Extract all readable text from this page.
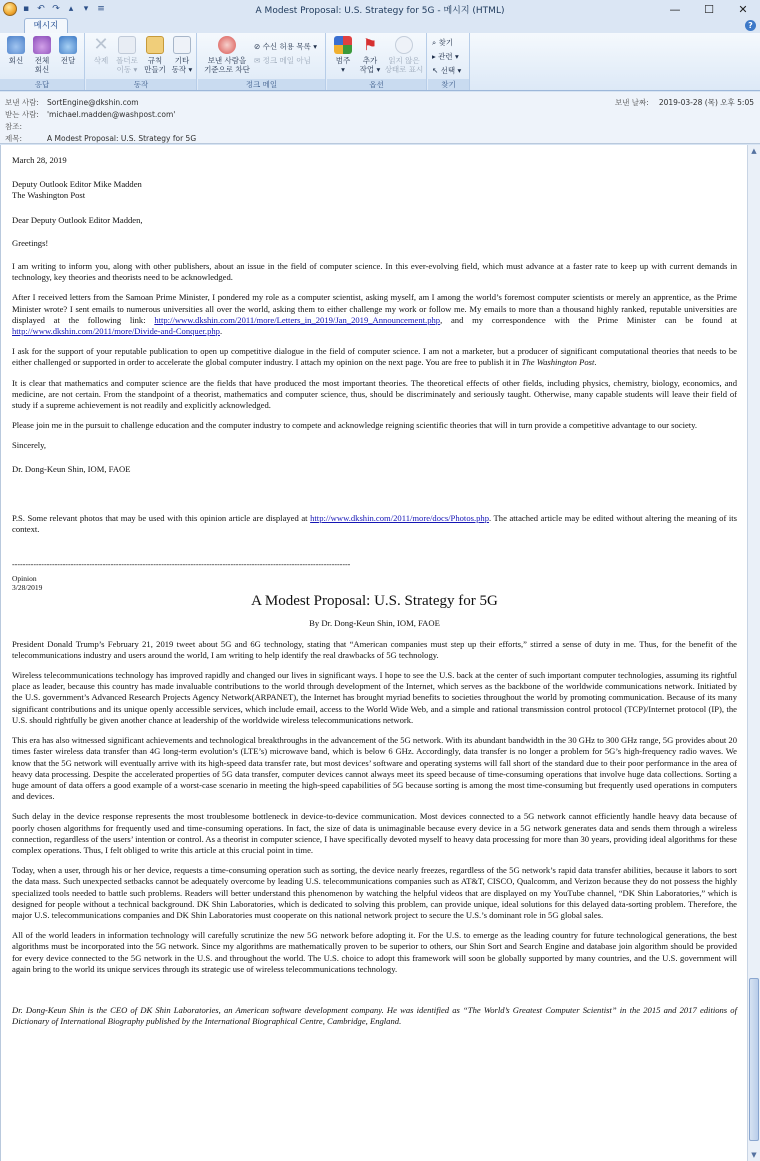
▪ ↶ ↷ ▴	▾ ≡	A Modest Proposal: U.S. Strategy for 5G - 메시지 (HTML)	—	☐	✕
메시지	?
회신	전체
회신
전달
응답
✕
삭제	폴더로
이동 ▾
규칙
만들기
기타
동작 ▾
동작
보낸 사람을
기준으로 차단
⊘ 수신 허용 목록 ▾
✉ 정크 메일 아님
정크 메일
범주
▾
⚑
추가
작업 ▾
읽지 않은
상태로 표시
옵션
⌕ 찾기
▸ 관련 ▾
↖ 선택 ▾
찾기
보낸 사람: SortEngine@dkshin.com
받는 사람: 'michael.madden@washpost.com'
참조:
제목:	A Modest Proposal: U.S. Strategy for 5G
보낸 날짜: 2019-03-28 (목) 오후 5:05

March 28, 2019

Deputy Outlook Editor Mike Madden
The Washington Post

Dear Deputy Outlook Editor Madden,

Greetings!

I am writing to inform you, along with other publishers, about an issue in the field of computer science. In this ever-evolving field, which must advance at a faster rate to keep up with current demands in technology, key theories and theorists need to be acknowledged.

After I received letters from the Samoan Prime Minister, I pondered my role as a computer scientist, asking myself, am I among the world’s foremost computer scientists or merely an apprentice, as the Prime Minister wrote? I sent emails to numerous universities all over the world, asking them to either challenge my work or follow me. My emails to more than a thousand highly ranked, reputable universities are displayed at the following link: http://www.dkshin.com/2011/more/Letters_in_2019/Jan_2019_Announcement.php, and my correspondence with the Prime Minister can be found at http://www.dkshin.com/2011/more/Divide-and-Conquer.php.

I ask for the support of your reputable publication to open up competitive dialogue in the field of computer science. I am not a marketer, but a producer of significant computational theories that needs to be either challenged or supported in order to accelerate the global computer industry. I attach my opinion on the next page. You are free to publish it in The Washington Post.

It is clear that mathematics and computer science are the fields that have produced the most important theories. The theoretical effects of other fields, including physics, chemistry, biology, economics, and medicine, are not certain. From the standpoint of a theorist, mathematics and computer science, thus, should be discriminately and seriously taught. Otherwise, many capable students will leave their field of study if a supreme achievement is not readily and explicitly acknowledged.

Please join me in the pursuit to challenge education and the computer industry to compete and acknowledge reigning scientific theories that will in turn provide a competitive advantage to our society.

Sincerely,

Dr. Dong-Keun Shin, IOM, FAOE

P.S. Some relevant photos that may be used with this opinion article are displayed at http://www.dkshin.com/2011/more/docs/Photos.php. The attached article may be edited without altering the meaning of its context.

-------------------------------------------------------------------------------------------------------------------------------
Opinion
3/28/2019
A Modest Proposal: U.S. Strategy for 5G
By Dr. Dong-Keun Shin, IOM, FAOE

President Donald Trump’s February 21, 2019 tweet about 5G and 6G technology, stating that “American companies must step up their efforts,” stirred a sense of duty in me. Thus, for the benefit of the telecommunications industry and users around the world, I am writing to help identify the real drawbacks of 5G technology.

Wireless telecommunications technology has improved rapidly and changed our lives in significant ways. I hope to see the U.S. back at the center of such important computer technologies, assuming its rightful place as leader, because this country has made invaluable contributions to the world through development of the Internet, which serves as the backbone of the worldwide communications network. Initiated by the U.S. government’s Advanced Research Projects Agency Network(ARPANET), the Internet has brought myriad benefits to societies throughout the world by promoting communication. Because of its many significant contributions and its unique openly accessible services, which include email, access to the World Wide Web, and a simple and rational transmission control protocol (TCP)/Internet protocol (IP), the U.S. should rightfully be given another chance at leadership of the worldwide wireless telecommunications network.

This era has also witnessed significant achievements and technological breakthroughs in the advancement of the 5G network. With its abundant bandwidth in the 30 GHz to 300 GHz range, 5G provides about 20 times faster wireless data transfer than 4G long-term evolution’s (LTE’s) microwave band, which is below 6 GHz. Accordingly, data transfer is no longer a problem for 5G’s high-frequency radio waves. We know that the 5G network will eventually arrive with its high-speed data transfer rate, but most devices’ software and operating systems will fall short of the standard due to their poor performance in the area of heavy data processing. Despite the accelerated properties of 5G data transfer, computer devices cannot always meet its speed because of time-consuming operations that involve huge data collections. Sorting a huge amount of data offers a good example of a worst-case scenario in meeting the high-speed capabilities of 5G because sorting is among the most time-consuming but frequently used operations in computers and devices.

Such delay in the device response represents the most troublesome bottleneck in device-to-device communication. Most devices connected to a 5G network cannot efficiently handle heavy data because of poorly chosen algorithms for frequently used and time-consuming operations. In fact, the size of data is unimaginable because every device in a 5G network generates data and sends them through a wireless connection, regardless of the users’ intention or control. As a theorist in computer science, I have specifically devoted myself to heavy data processing for more than 30 years, providing ideal algorithms for these complex operations. Thus, I felt obliged to write this article at this crucial point in time.

Today, when a user, through his or her device, requests a time-consuming operation such as sorting, the device nearly freezes, regardless of the 5G network’s rapid data transfer abilities, because it labors to sort the data mass. Such unexpected setbacks cannot be adequately overcome by leading U.S. telecommunications companies such as AT&T, CISCO, Qualcomm, and Verizon because they do not possess the highly specialized tools needed to battle such problems. Readers will better understand this phenomenon by watching the helpful videos that are displayed on my YouTube channel, “DK Shin Laboratories,” which is designed for people without a technical background. DK Shin Laboratories, which is dedicated to solving this problem, can provide unique, ideal solutions for this delayed data-sorting problem. Therefore, the major U.S. telecommunications companies and DK Shin Laboratories must cooperate on this national network project to secure the U.S.’s dominant role in 5G global sales.

All of the world leaders in information technology will carefully scrutinize the new 5G network before adopting it. For the U.S. to emerge as the leading country for future technological generations, the best algorithms must be incorporated into the 5G network. Since my algorithms are mathematically proven to be superior to others, our Shin Sort and Search Engine and database join algorithm should be provided for every device connected to the 5G network in the U.S. and throughout the world. The U.S. choice to adopt this framework will soon be globally supported by many countries, and the U.S. government will again bring to the world its unique services through its strategic use of wireless telecommunications technology.

Dr. Dong-Keun Shin is the CEO of DK Shin Laboratories, an American software development company. He was identified as “The World’s Greatest Computer Scientist” in the 2015 and 2017 editions of Dictionary of International Biography published by the International Biographical Centre, Cambridge, England.

▲
▼
